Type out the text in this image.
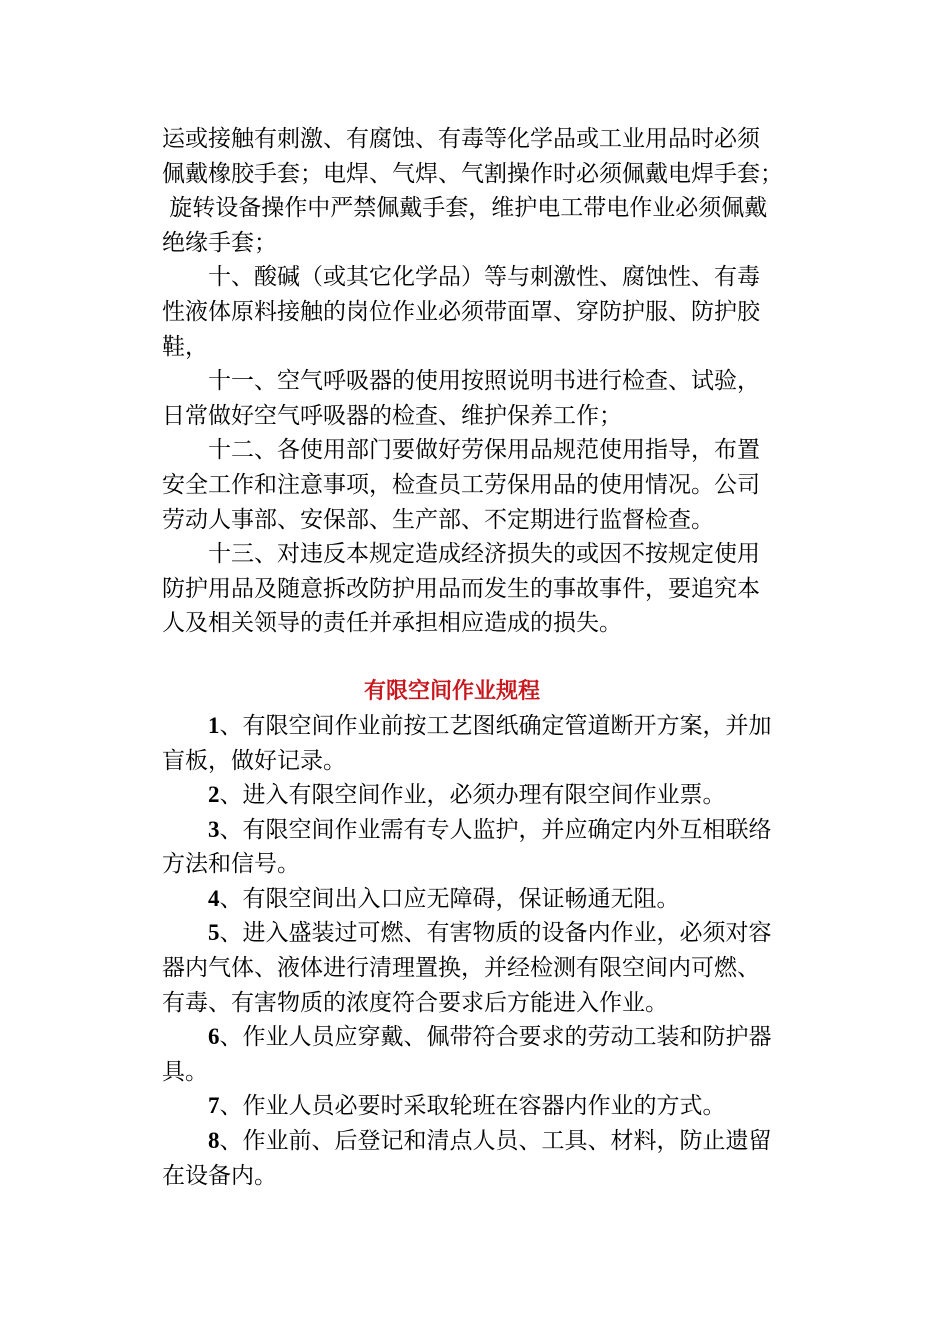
运或接触有刺激、有腐蚀、有毒等化学品或工业用品时必须
佩戴橡胶手套；电焊、气焊、气割操作时必须佩戴电焊手套；
旋转设备操作中严禁佩戴手套，维护电工带电作业必须佩戴
绝缘手套；

十、酸碱（或其它化学品）等与刺激性、腐蚀性、有毒
性液体原料接触的岗位作业必须带面罩、穿防护服、防护胶
鞋，

十一、空气呼吸器的使用按照说明书进行检查、试验，
日常做好空气呼吸器的检查、维护保养工作；

十二、各使用部门要做好劳保用品规范使用指导，布置
安全工作和注意事项，检查员工劳保用品的使用情况。公司
劳动人事部、安保部、生产部、不定期进行监督检查。

十三、对违反本规定造成经济损失的或因不按规定使用
防护用品及随意拆改防护用品而发生的事故事件，要追究本
人及相关领导的责任并承担相应造成的损失。

有限空间作业规程

1、有限空间作业前按工艺图纸确定管道断开方案，并加
盲板，做好记录。

2、进入有限空间作业，必须办理有限空间作业票。

3、有限空间作业需有专人监护，并应确定内外互相联络
方法和信号。

4、有限空间出入口应无障碍，保证畅通无阻。

5、进入盛装过可燃、有害物质的设备内作业，必须对容
器内气体、液体进行清理置换，并经检测有限空间内可燃、
有毒、有害物质的浓度符合要求后方能进入作业。

6、作业人员应穿戴、佩带符合要求的劳动工装和防护器
具。

7、作业人员必要时采取轮班在容器内作业的方式。

8、作业前、后登记和清点人员、工具、材料，防止遗留
在设备内。
